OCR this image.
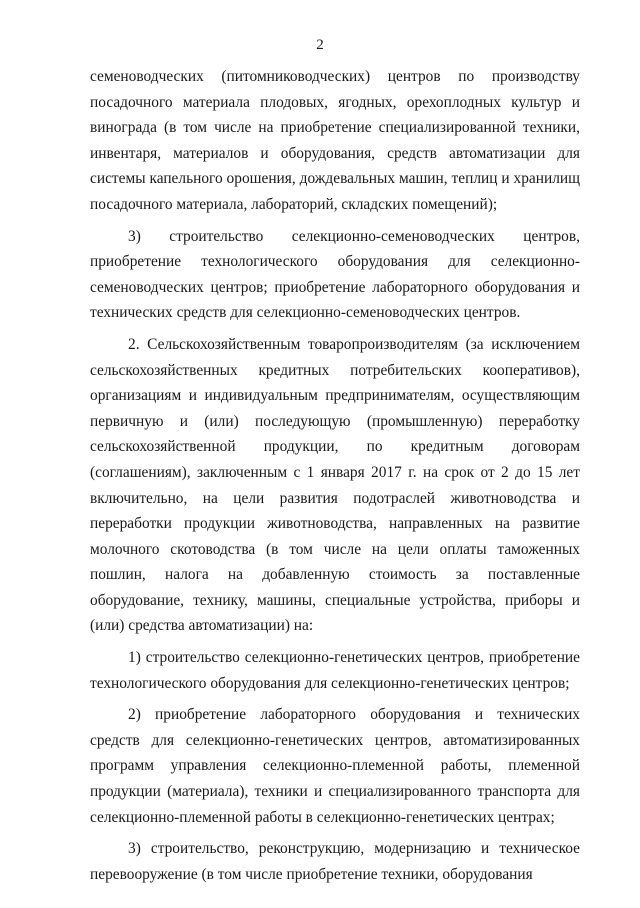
2

семеноводческих (питомниководческих) центров по производству посадочного материала плодовых, ягодных, орехоплодных культур и винограда (в том числе на приобретение специализированной техники, инвентаря, материалов и оборудования, средств автоматизации для системы капельного орошения, дождевальных машин, теплиц и хранилищ посадочного материала, лабораторий, складских помещений);

3) строительство селекционно-семеноводческих центров, приобретение технологического оборудования для селекционно-семеноводческих центров; приобретение лабораторного оборудования и технических средств для селекционно-семеноводческих центров.

2. Сельскохозяйственным товаропроизводителям (за исключением сельскохозяйственных кредитных потребительских кооперативов), организациям и индивидуальным предпринимателям, осуществляющим первичную и (или) последующую (промышленную) переработку сельскохозяйственной продукции, по кредитным договорам (соглашениям), заключенным с 1 января 2017 г. на срок от 2 до 15 лет включительно, на цели развития подотраслей животноводства и переработки продукции животноводства, направленных на развитие молочного скотоводства (в том числе на цели оплаты таможенных пошлин, налога на добавленную стоимость за поставленные оборудование, технику, машины, специальные устройства, приборы и (или) средства автоматизации) на:

1) строительство селекционно-генетических центров, приобретение технологического оборудования для селекционно-генетических центров;

2) приобретение лабораторного оборудования и технических средств для селекционно-генетических центров, автоматизированных программ управления селекционно-племенной работы, племенной продукции (материала), техники и специализированного транспорта для селекционно-племенной работы в селекционно-генетических центрах;

3) строительство, реконструкцию, модернизацию и техническое перевооружение (в том числе приобретение техники, оборудования
